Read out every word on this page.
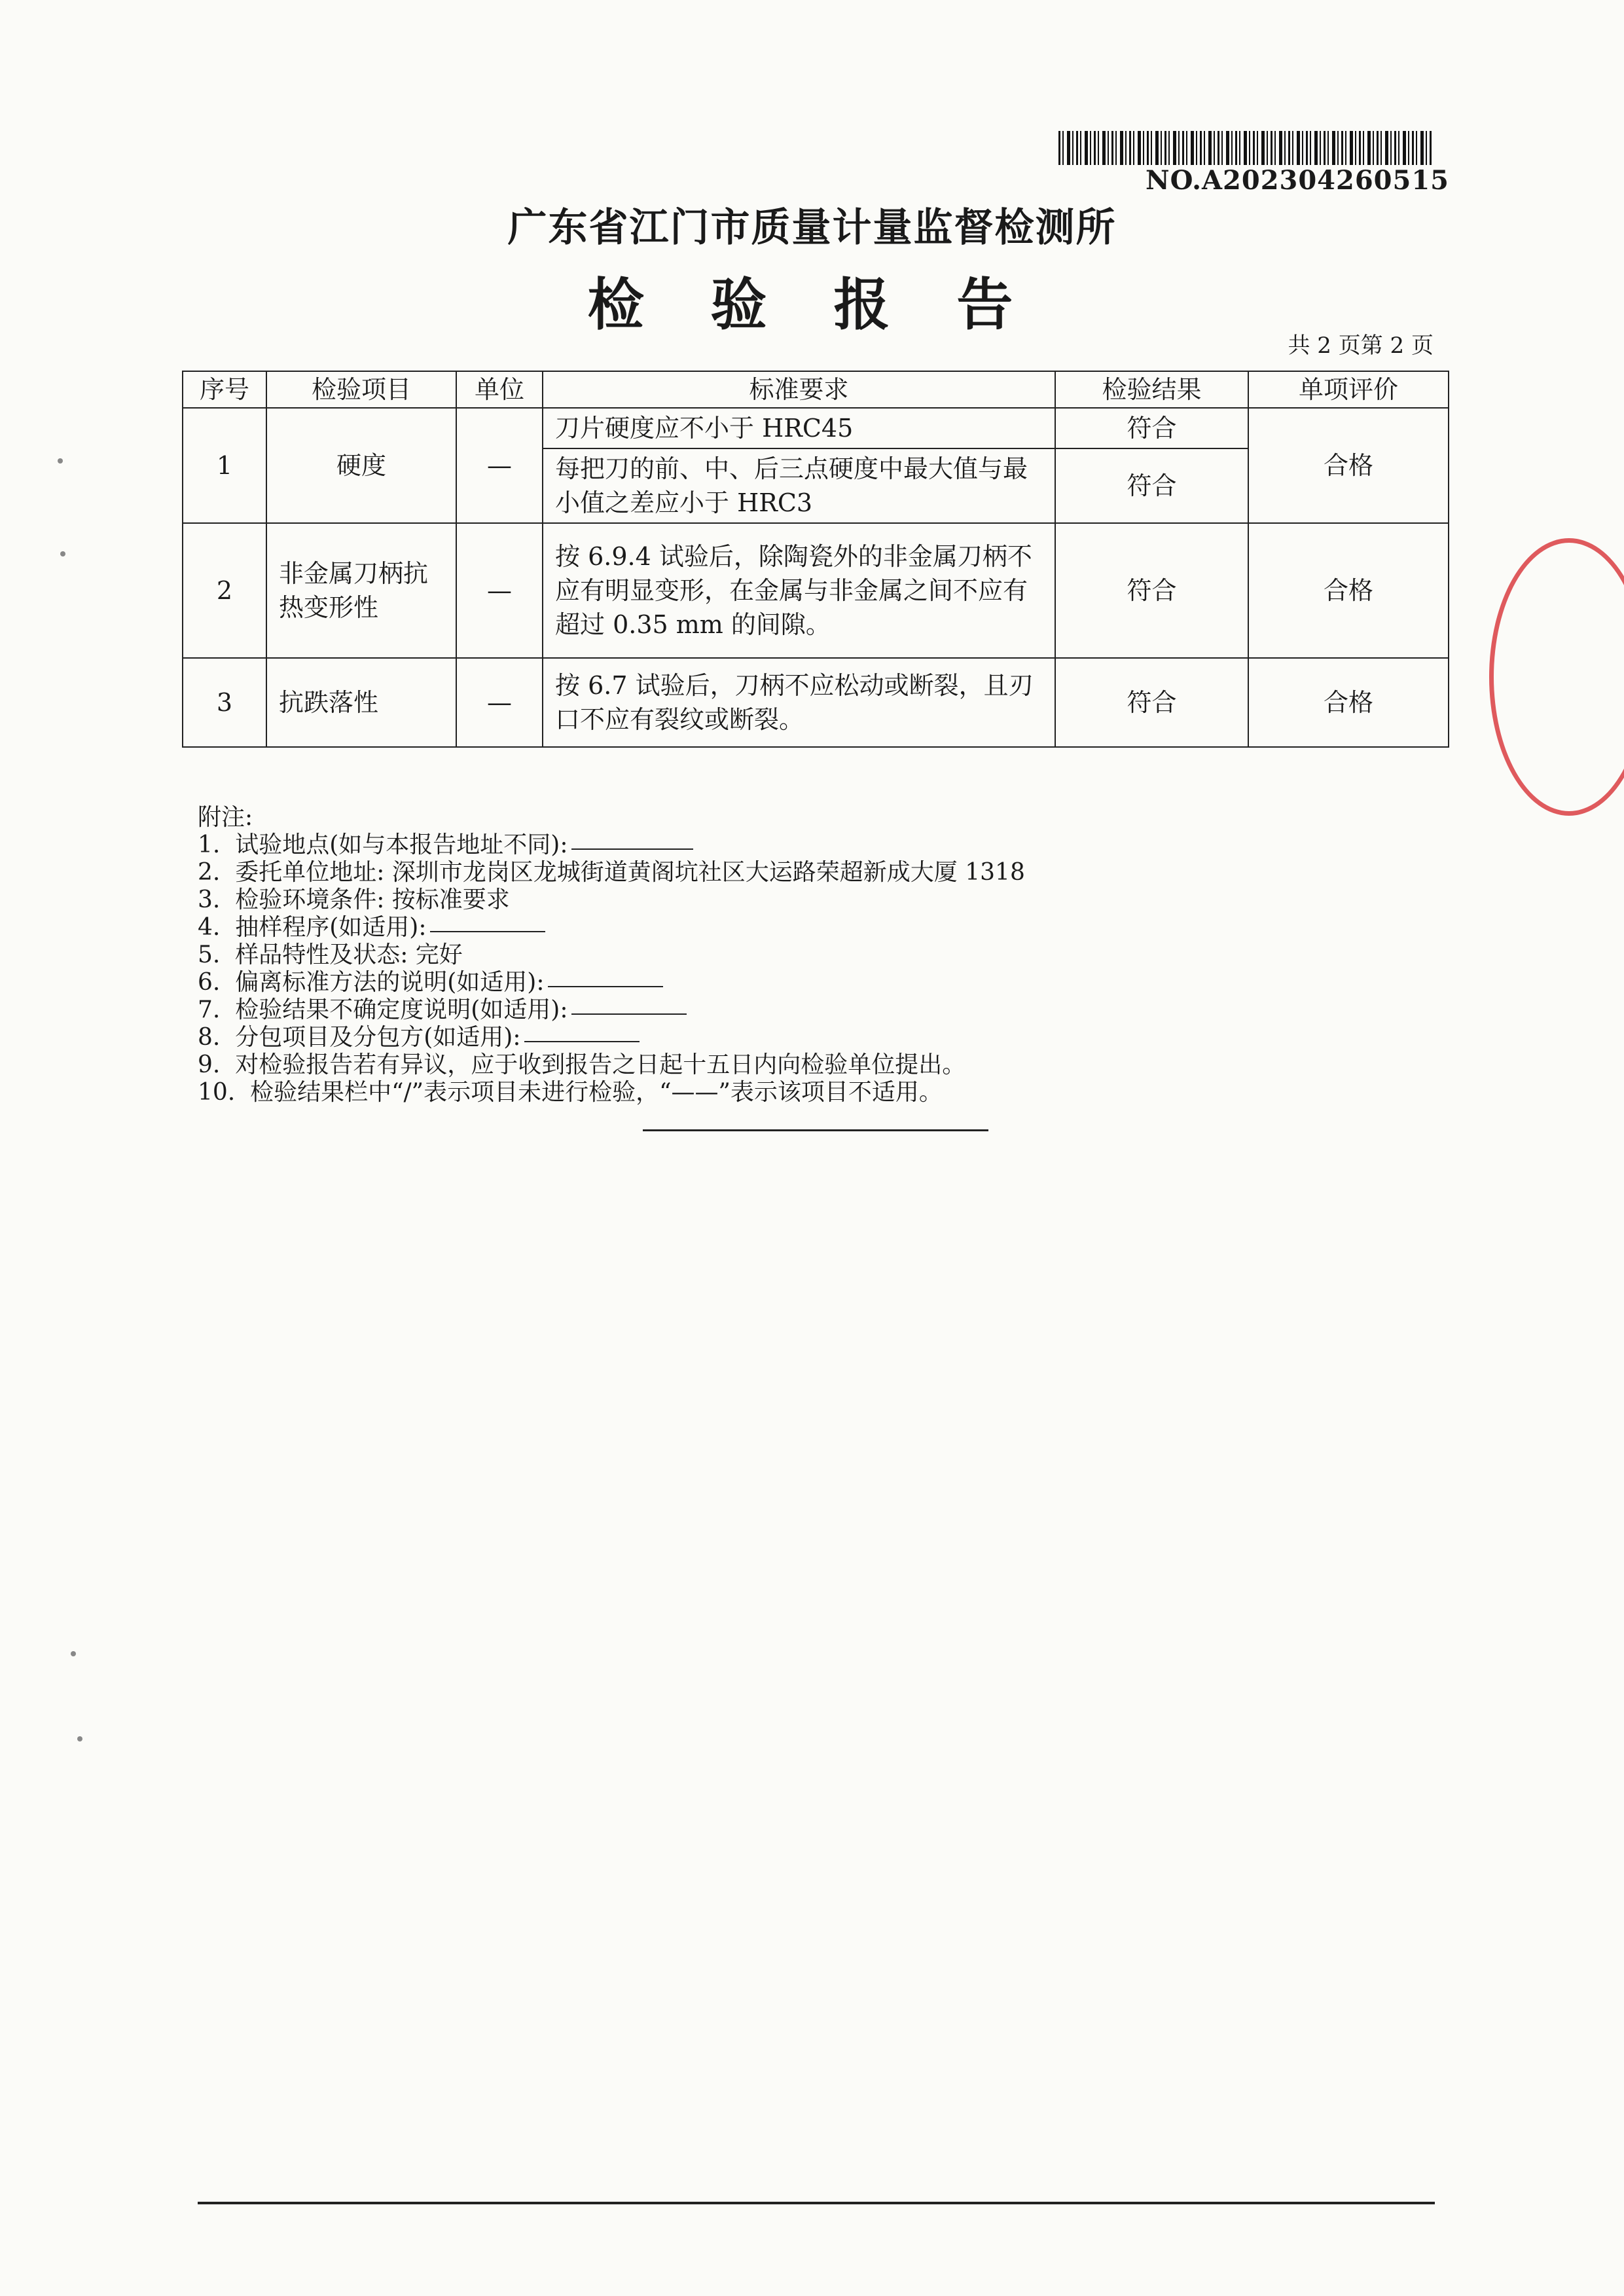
NO.A202304260515
广东省江门市质量计量监督检测所
检 验 报 告
共 2 页第 2 页
序号	检验项目	单位	标准要求	检验结果	单项评价
1	硬度	—	刀片硬度应不小于 HRC45	符合	合格
			每把刀的前、中、后三点硬度中最大值与最小值之差应小于 HRC3	符合	
2	非金属刀柄抗热变形性	—	按 6.9.4 试验后，除陶瓷外的非金属刀柄不应有明显变形，在金属与非金属之间不应有超过 0.35 mm 的间隙。	符合	合格
3	抗跌落性	—	按 6.7 试验后，刀柄不应松动或断裂，且刃口不应有裂纹或断裂。	符合	合格
附注:
1.  试验地点(如与本报告地址不同):
2.  委托单位地址: 深圳市龙岗区龙城街道黄阁坑社区大运路荣超新成大厦 1318
3.  检验环境条件: 按标准要求
4.  抽样程序(如适用):
5.  样品特性及状态: 完好
6.  偏离标准方法的说明(如适用):
7.  检验结果不确定度说明(如适用):
8.  分包项目及分包方(如适用):
9.  对检验报告若有异议，应于收到报告之日起十五日内向检验单位提出。
10.  检验结果栏中“/”表示项目未进行检验，“——”表示该项目不适用。
